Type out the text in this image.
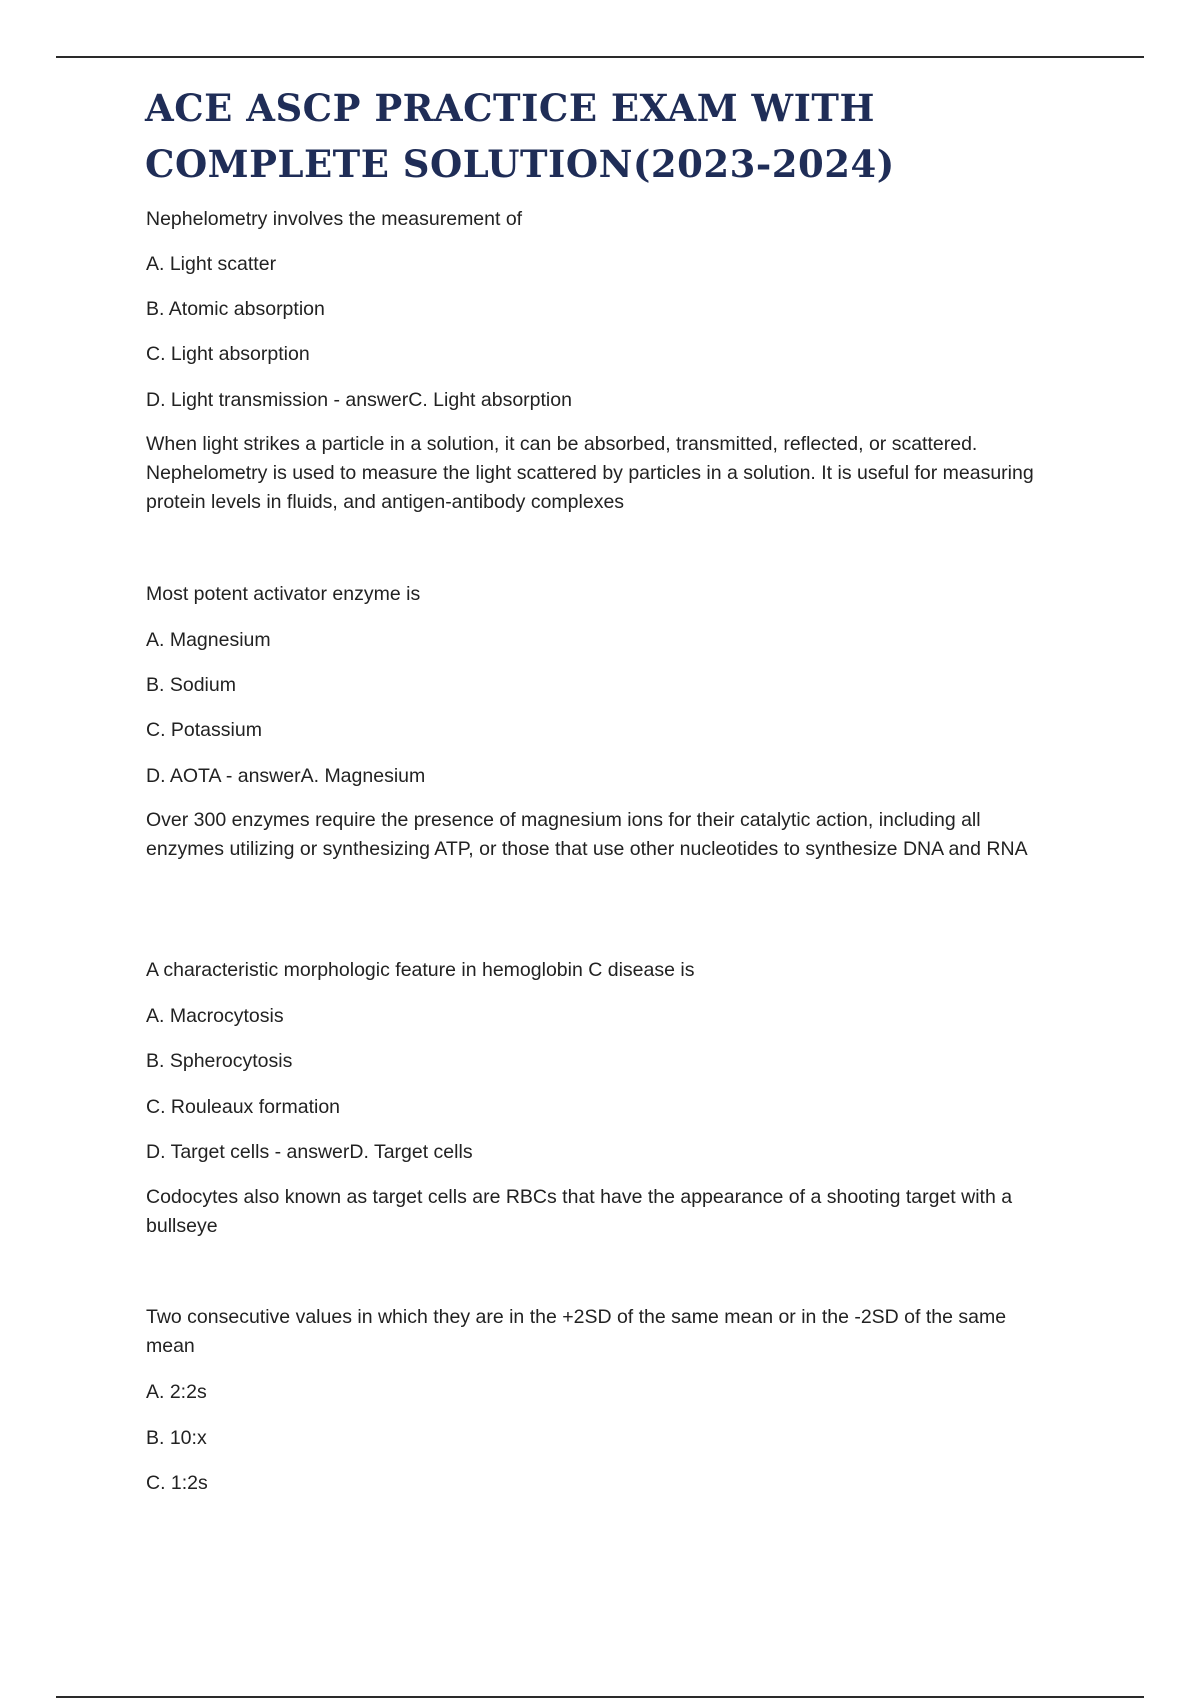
ACE ASCP PRACTICE EXAM WITH COMPLETE SOLUTION(2023-2024)

Nephelometry involves the measurement of

A. Light scatter

B. Atomic absorption

C. Light absorption

D. Light transmission - answerC. Light absorption

When light strikes a particle in a solution, it can be absorbed, transmitted, reflected, or scattered. Nephelometry is used to measure the light scattered by particles in a solution. It is useful for measuring protein levels in fluids, and antigen-antibody complexes

Most potent activator enzyme is

A. Magnesium

B. Sodium

C. Potassium

D. AOTA - answerA. Magnesium

Over 300 enzymes require the presence of magnesium ions for their catalytic action, including all enzymes utilizing or synthesizing ATP, or those that use other nucleotides to synthesize DNA and RNA

A characteristic morphologic feature in hemoglobin C disease is

A. Macrocytosis

B. Spherocytosis

C. Rouleaux formation

D. Target cells - answerD. Target cells

Codocytes also known as target cells are RBCs that have the appearance of a shooting target with a bullseye

Two consecutive values in which they are in the +2SD of the same mean or in the -2SD of the same mean

A. 2:2s

B. 10:x

C. 1:2s
